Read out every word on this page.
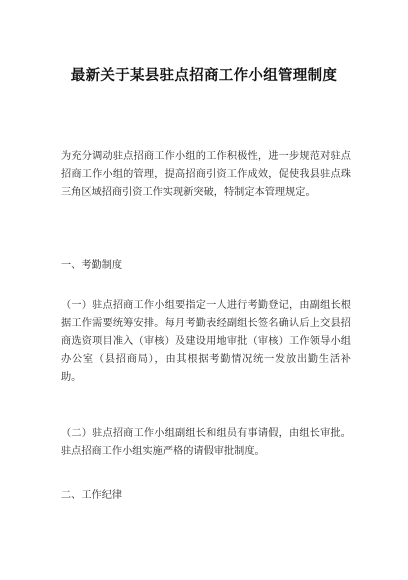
最新关于某县驻点招商工作小组管理制度

为充分调动驻点招商工作小组的工作积极性，进一步规范对驻点招商工作小组的管理，提高招商引资工作成效，促使我县驻点珠三角区域招商引资工作实现新突破，特制定本管理规定。

一、考勤制度

（一）驻点招商工作小组要指定一人进行考勤登记，由副组长根据工作需要统筹安排。每月考勤表经副组长签名确认后上交县招商选资项目准入（审核）及建设用地审批（审核）工作领导小组办公室（县招商局），由其根据考勤情况统一发放出勤生活补助。

（二）驻点招商工作小组副组长和组员有事请假，由组长审批。驻点招商工作小组实施严格的请假审批制度。

二、工作纪律
